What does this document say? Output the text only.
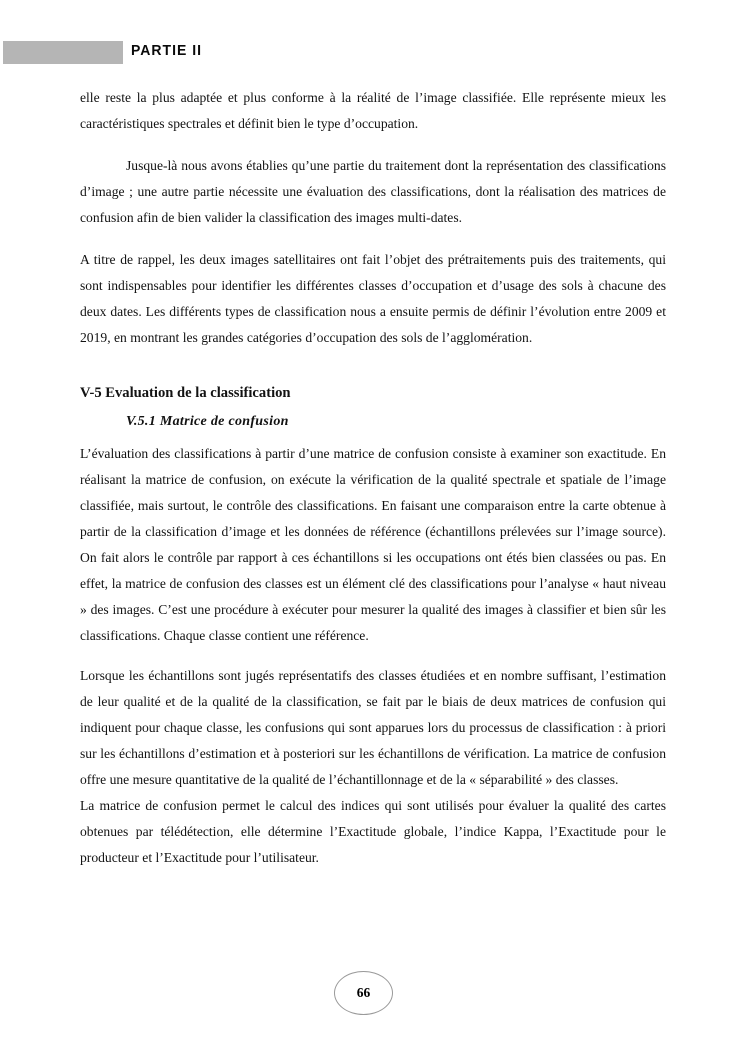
PARTIE II

elle reste la plus adaptée et plus conforme à la réalité de l’image classifiée. Elle représente mieux les caractéristiques spectrales et définit bien le type d’occupation.

Jusque-là nous avons établies qu’une partie du traitement dont la représentation des classifications d’image ; une autre partie nécessite une évaluation des classifications, dont la réalisation des matrices de confusion afin de bien valider la classification des images multi-dates.

A titre de rappel, les deux images satellitaires ont fait l’objet des prétraitements puis des traitements, qui sont indispensables pour identifier les différentes classes d’occupation et d’usage des sols à chacune des deux dates. Les différents types de classification nous a ensuite permis de définir l’évolution entre 2009 et 2019, en montrant les grandes catégories d’occupation des sols de l’agglomération.

V-5 Evaluation de la classification
V.5.1 Matrice de confusion

L’évaluation des classifications à partir d’une matrice de confusion consiste à examiner son exactitude. En réalisant la matrice de confusion, on exécute la vérification de la qualité spectrale et spatiale de l’image classifiée, mais surtout, le contrôle des classifications. En faisant une comparaison entre la carte obtenue à partir de la classification d’image et les données de référence (échantillons prélevées sur l’image source). On fait alors le contrôle par rapport à ces échantillons si les occupations ont étés bien classées ou pas. En effet, la matrice de confusion des classes est un élément clé des classifications pour l’analyse « haut niveau » des images. C’est une procédure à exécuter pour mesurer la qualité des images à classifier et bien sûr les classifications. Chaque classe contient une référence.

Lorsque les échantillons sont jugés représentatifs des classes étudiées et en nombre suffisant, l’estimation de leur qualité et de la qualité de la classification, se fait par le biais de deux matrices de confusion qui indiquent pour chaque classe, les confusions qui sont apparues lors du processus de classification : à priori sur les échantillons d’estimation et à posteriori sur les échantillons de vérification. La matrice de confusion offre une mesure quantitative de la qualité de l’échantillonnage et de la « séparabilité » des classes.

La matrice de confusion permet le calcul des indices qui sont utilisés pour évaluer la qualité des cartes obtenues par télédétection, elle détermine l’Exactitude globale, l’indice Kappa, l’Exactitude pour le producteur et l’Exactitude pour l’utilisateur.

66
